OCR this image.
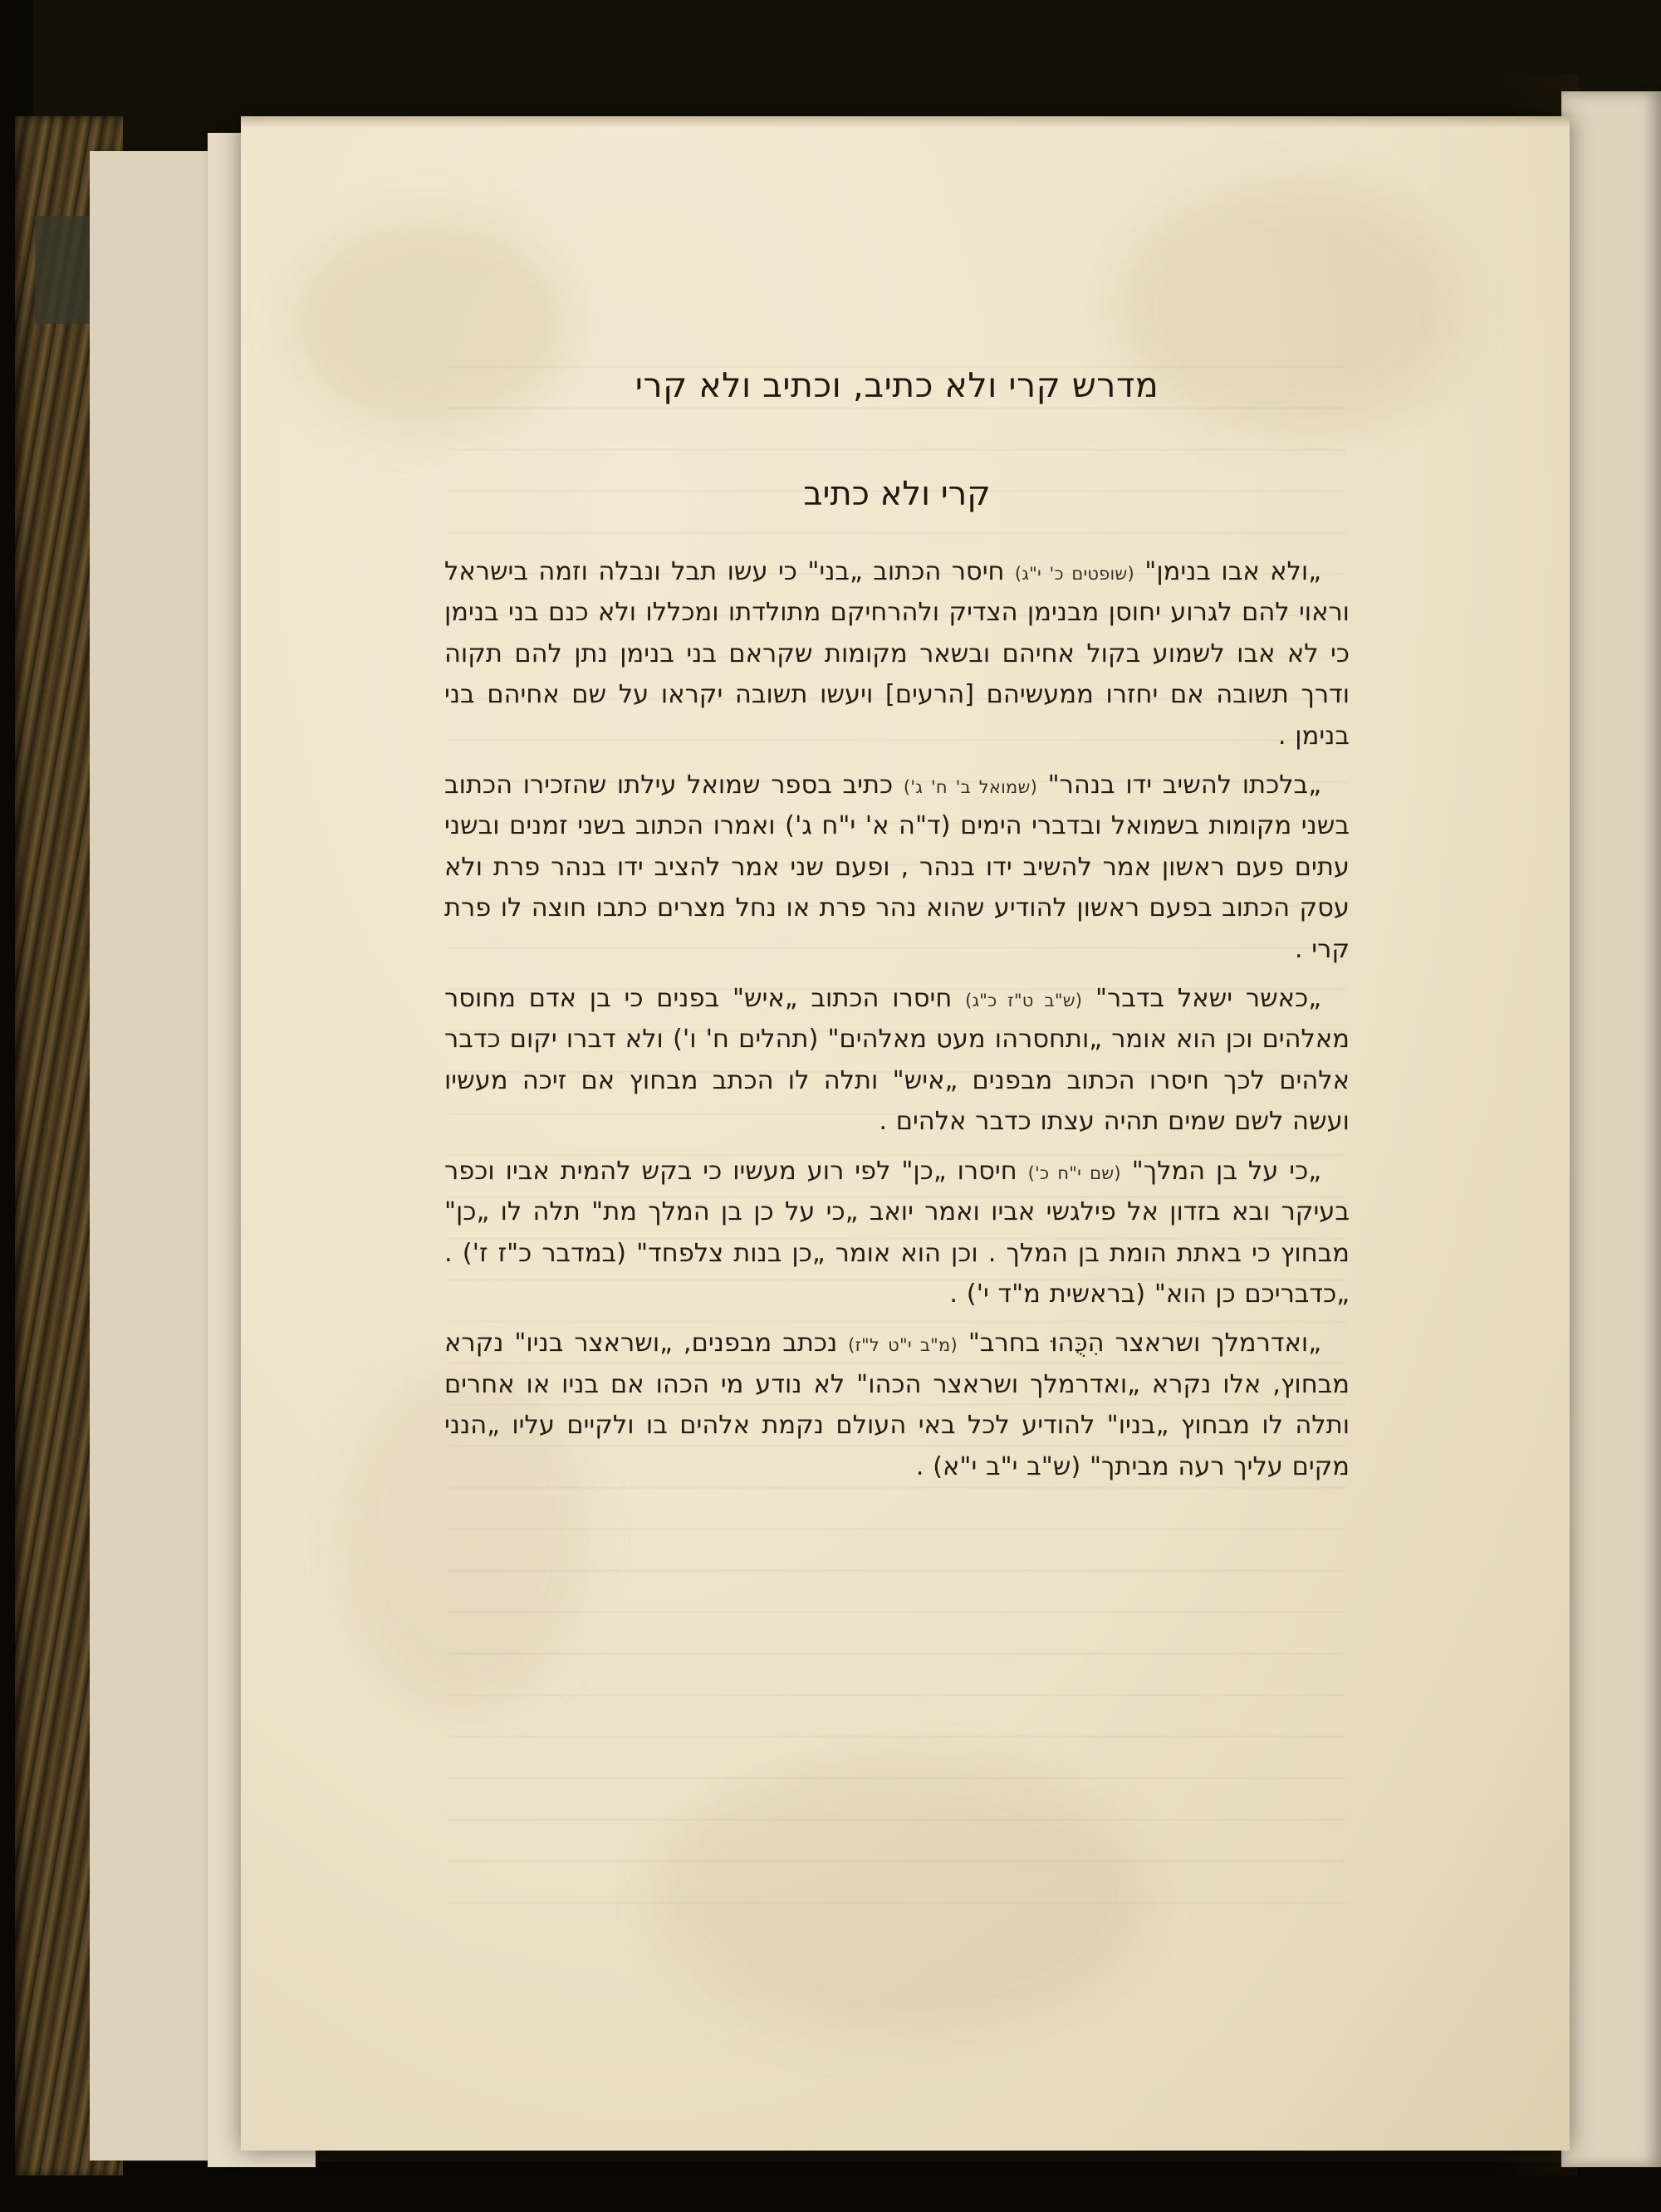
מדרש קרי ולא כתיב, וכתיב ולא קרי
קרי ולא כתיב

„ולא אבו בנימן" (שופטים כ' י"ג) חיסר הכתוב „בני" כי עשו תבל ונבלה וזמה בישראל וראוי להם לגרוע יחוסן מבנימן הצדיק ולהרחיקם מתולדתו ומכללו ולא כנם בני בנימן כי לא אבו לשמוע בקול אחיהם ובשאר מקומות שקראם בני בנימן נתן להם תקוה ודרך תשובה אם יחזרו ממעשיהם [הרעים] ויעשו תשובה יקראו על שם אחיהם בני בנימן .

„בלכתו להשיב ידו בנהר" (שמואל ב' ח' ג') כתיב בספר שמואל עילתו שהזכירו הכתוב בשני מקומות בשמואל ובדברי הימים (ד"ה א' י"ח ג') ואמרו הכתוב בשני זמנים ובשני עתים פעם ראשון אמר להשיב ידו בנהר , ופעם שני אמר להציב ידו בנהר פרת ולא עסק הכתוב בפעם ראשון להודיע שהוא נהר פרת או נחל מצרים כתבו חוצה לו פרת קרי .

„כאשר ישאל בדבר" (ש"ב ט"ז כ"ג) חיסרו הכתוב „איש" בפנים כי בן אדם מחוסר מאלהים וכן הוא אומר „ותחסרהו מעט מאלהים" (תהלים ח' ו') ולא דברו יקום כדבר אלהים לכך חיסרו הכתוב מבפנים „איש" ותלה לו הכתב מבחוץ אם זיכה מעשיו ועשה לשם שמים תהיה עצתו כדבר אלהים .

„כי על בן המלך" (שם י"ח כ') חיסרו „כן" לפי רוע מעשיו כי בקש להמית אביו וכפר בעיקר ובא בזדון אל פילגשי אביו ואמר יואב „כי על כן בן המלך מת" תלה לו „כן" מבחוץ כי באתת הומת בן המלך . וכן הוא אומר „כן בנות צלפחד" (במדבר כ"ז ז') . „כדבריכם כן הוא" (בראשית מ"ד י') .

„ואדרמלך ושראצר הִכֻּהוּ בחרב" (מ"ב י"ט ל"ז) נכתב מבפנים, „ושראצר בניו" נקרא מבחוץ, אלו נקרא „ואדרמלך ושראצר הכהו" לא נודע מי הכהו אם בניו או אחרים ותלה לו מבחוץ „בניו" להודיע לכל באי העולם נקמת אלהים בו ולקיים עליו „הנני מקים עליך רעה מביתך" (ש"ב י"ב י"א) .
